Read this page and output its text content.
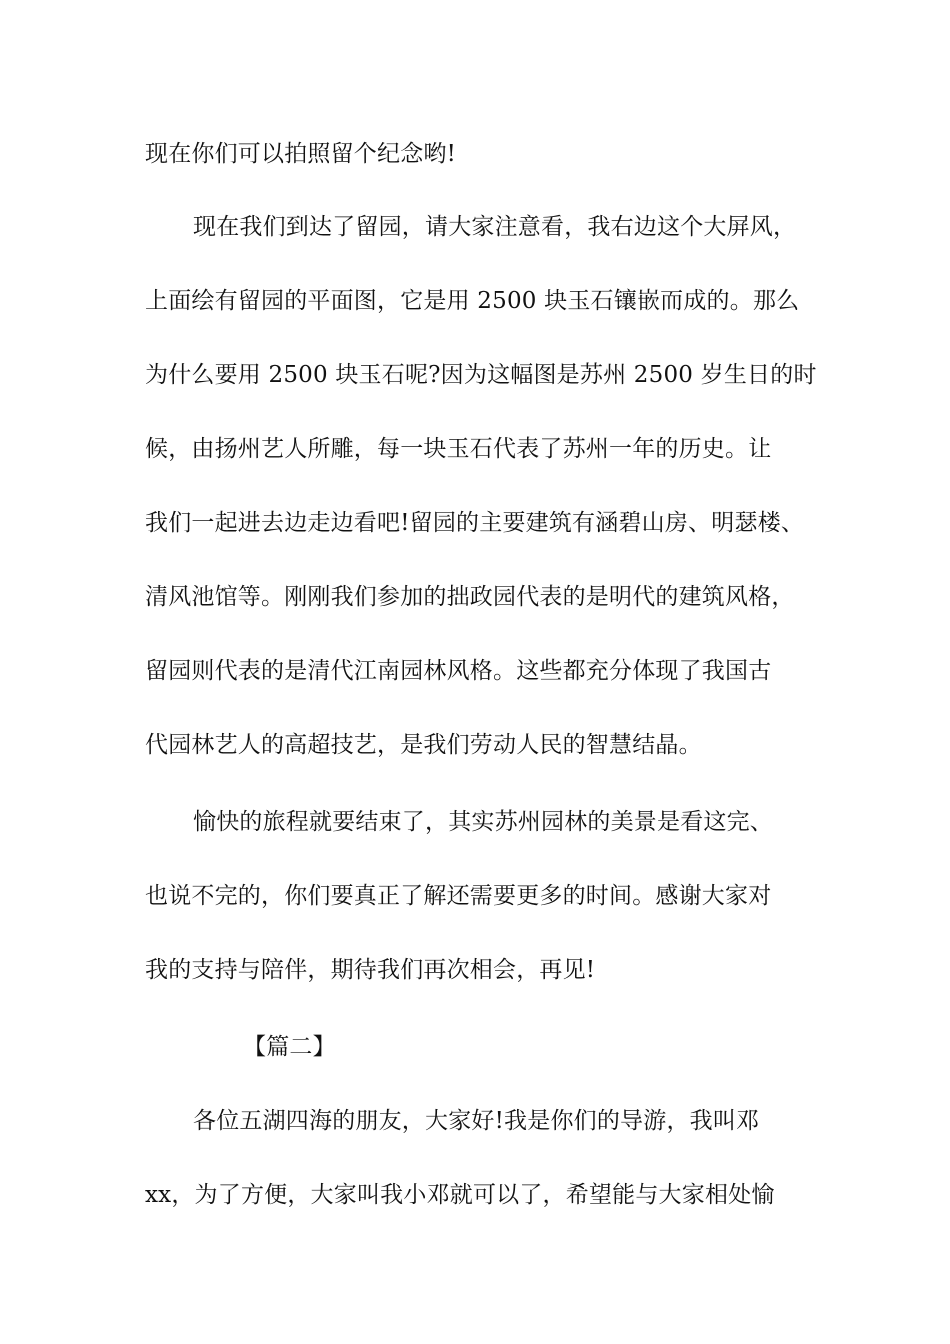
现在你们可以拍照留个纪念哟!
现在我们到达了留园，请大家注意看，我右边这个大屏风，
上面绘有留园的平面图，它是用 2500 块玉石镶嵌而成的。那么
为什么要用 2500 块玉石呢?因为这幅图是苏州 2500 岁生日的时
候，由扬州艺人所雕，每一块玉石代表了苏州一年的历史。让
我们一起进去边走边看吧!留园的主要建筑有涵碧山房、明瑟楼、
清风池馆等。刚刚我们参加的拙政园代表的是明代的建筑风格，
留园则代表的是清代江南园林风格。这些都充分体现了我国古
代园林艺人的高超技艺，是我们劳动人民的智慧结晶。
愉快的旅程就要结束了，其实苏州园林的美景是看这完、
也说不完的，你们要真正了解还需要更多的时间。感谢大家对
我的支持与陪伴，期待我们再次相会，再见!
【篇二】
各位五湖四海的朋友，大家好!我是你们的导游，我叫邓
xx，为了方便，大家叫我小邓就可以了，希望能与大家相处愉
